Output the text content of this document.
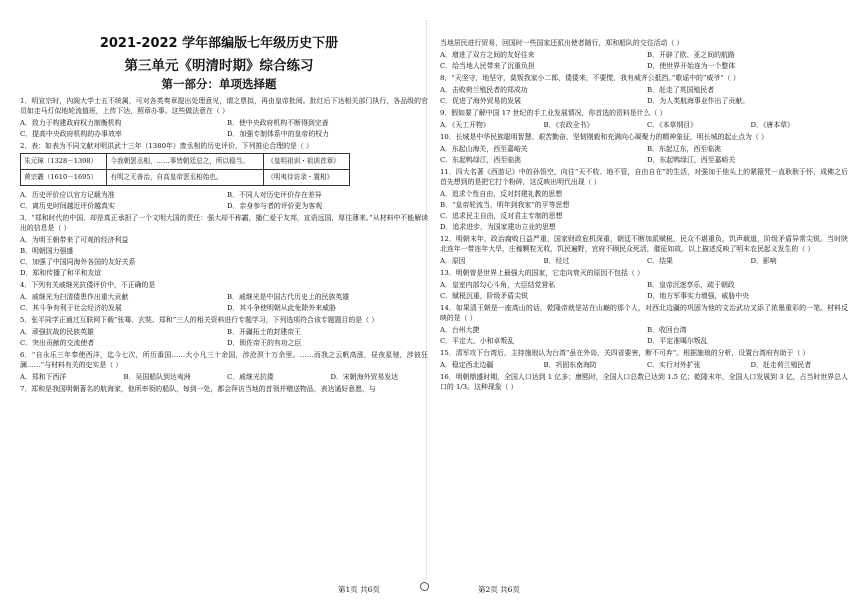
2021-2022 学年部编版七年级历史下册
第三单元《明清时期》综合练习
第一部分：单项选择题
1．明宣宗时，内阁大学士五不统属，可对各类奏章提出处理意见，谓之票拟，再由皇帝批阅。批红后下达相关部门执行，各品级的官员如走马灯似地轮流值班，上传下达，照章办事。这些做法意在（ ）
A．致力于构建政府权力制衡机构	B．使中央政府机构不断得到完善
C．提高中央政府机构的办事效率	D．加强专制体系中的皇帝的权力
2．表：如表为不同文献对明洪武十三年（1380年）废丞相的历史评价，下列推论合理的是（ ）
朱元璋（1328－1398）	今我朝罢丞相，……事皆朝廷总之，所以稳当。	《皇明祖训・祖训首章》
黄宗羲（1610－1695）	有明之无善治，自高皇帝罢丞相始也。	《明夷待访录・置相》
A．历史评价应以官方记载为准	B．不同人对历史评价存在差异
C．离历史时间越近评价越真实	D．亲身参与者的评价更为客观
3．“郑和时代的中国，却是真正承担了一个文明大国的责任：强大却不称霸，播仁爱于友邦，宣语远国，厚往薄来。”从材料中不能解读出的信息是（ ）
A．为明王朝带来了可观的经济利益
B．明朝国力强盛
C．加强了中国同海外各国的友好关系
D．郑和传播了和平和友谊
4．下列有关戚继光抗倭评价中，不正确的是
A．戚继光为扫清倭患作出重大贡献	B．戚继光是中国古代历史上的民族英雄
C．其斗争有利于社会经济的发展	D．其斗争使明朝从此免除外来威胁
5．张平同学正通过互联网下载“张骞、玄奘、郑和”三人的相关资料进行专题学习，下列选项符合该专题题目的是（ ）
A．顽强抗战的民族英雄	B．开疆拓土的封建帝王
C．突出贡献的交流使者	D．锁佐帝王的有功之臣
6．“自永乐三年奉使西洋，迄今七次，所历番国……大小凡三十余国，涉沧溟十万余里。……而我之云帆高涨，昼夜星驰，涉彼狂澜……”与材料有关的史实是（ ）
A．郑和下西洋	B．吴国船队到达夷洲	C．戚继光抗倭	D．宋朝海外贸易发达
7．郑和是我国明朝著名的航海家，他所率领的船队，每到一处，都会拜访当地的首领并赠送物品，表达通好意愿，与
当地居民进行贸易，回国时一些国家还派出使者随行，郑和船队的交往活动（ ）
A．增进了双方之间的友好往来	B．开辟了欧、亚之间的航路
C．给当地人民带来了沉重负担	D．使世界开始连为一个整体
8．“天坚守，地坚守，莫叛我家小二郎，倭倭来，不要慌，我有威齐公抵挡。”歌谣中的“威爷”（ ）
A．击败荷兰殖民者的郑成功	B．赶走了英国殖民者
C．促进了海外贸易的发展	D．为人类航海事业作出了贡献。
9．假如要了解中国 17 世纪的手工业发展情况，你首选的资料是什么（ ）
A．《天工开物》	B．《农政全书》	C．《本草纲目》	D．《唐本草》
10．长城是中华民族聪明智慧、艰苦勤奋、坚韧刚毅和充满向心凝聚力的精神象征，明长城的起止点为（ ）
A．东起山海关，西至嘉峪关	B．东起辽东，西至临洮
C．东起鸭绿江，西至临洮	D．东起鸭绿江，西至嘉峪关
11．四大名著《西游记》中的孙悟空，向往“天不收、地不管，自由自在”的生活，对强加于他头上的紧箍咒一直耿耿于怀，成佛之后首先想到的是把它打个粉碎，这反映出明代出现（ ）
A．追求个性自由，反对封建礼教的思想
B．“皇帝轮流当，明年到我家”的平等思想
C．追求民主自由，反对君主专制的思想
D．追求进步，为国家建功立业的思想
12．明朝末年，政治腐败日益严重，国家财政危机深重，朝廷不断加派赋税，民众不堪重负，饥声载道，阶级矛盾异常尖锐。当时陕北连年一带连年大旱，庄稼颗粒无收，饥民遍野，官府不顾民众死活，催征如故。以上描述反映了明末农民起义发生的（ ）
A．原因	B．经过	C．结果	D．影响
13．明朝曾是世界上最强大的国家，它走向衰灭的原因不包括（ ）
A．皇室内部勾心斗角，大臣结党营私	B．皇帝沉迷享乐，疏于朝政
C．赋税沉重，阶级矛盾尖锐	D．地方军事实力增强，威胁中央
14．如果清王朝是一座高山的话，乾隆帝就是站在山巅的那个人，对西北边疆的巩固为他的文治武功又添了浓墨重彩的一笔。材料反映的是（ ）
A．台州大捷	B．收回台湾
C．平定大、小和卓叛乱	D．平定准噶尔叛乱
15．清军攻下台湾后，主持施琅认为台湾“虽在外岛，关四省要害，断不可弃”。根据施琅的分析，设置台湾府有助于（ ）
A．稳定西北边疆	B．巩固东南海防	C．实行对外扩张	D．赶走荷兰殖民者
16．明朝鼎盛时期，全国人口达到 1 亿多；康熙时，全国人口总数已达到 1.5 亿；乾隆末年，全国人口发展到 3 亿，占当时世界总人口的 1/3。这种现象（ ）
第1页 共6页	第2页 共6页
